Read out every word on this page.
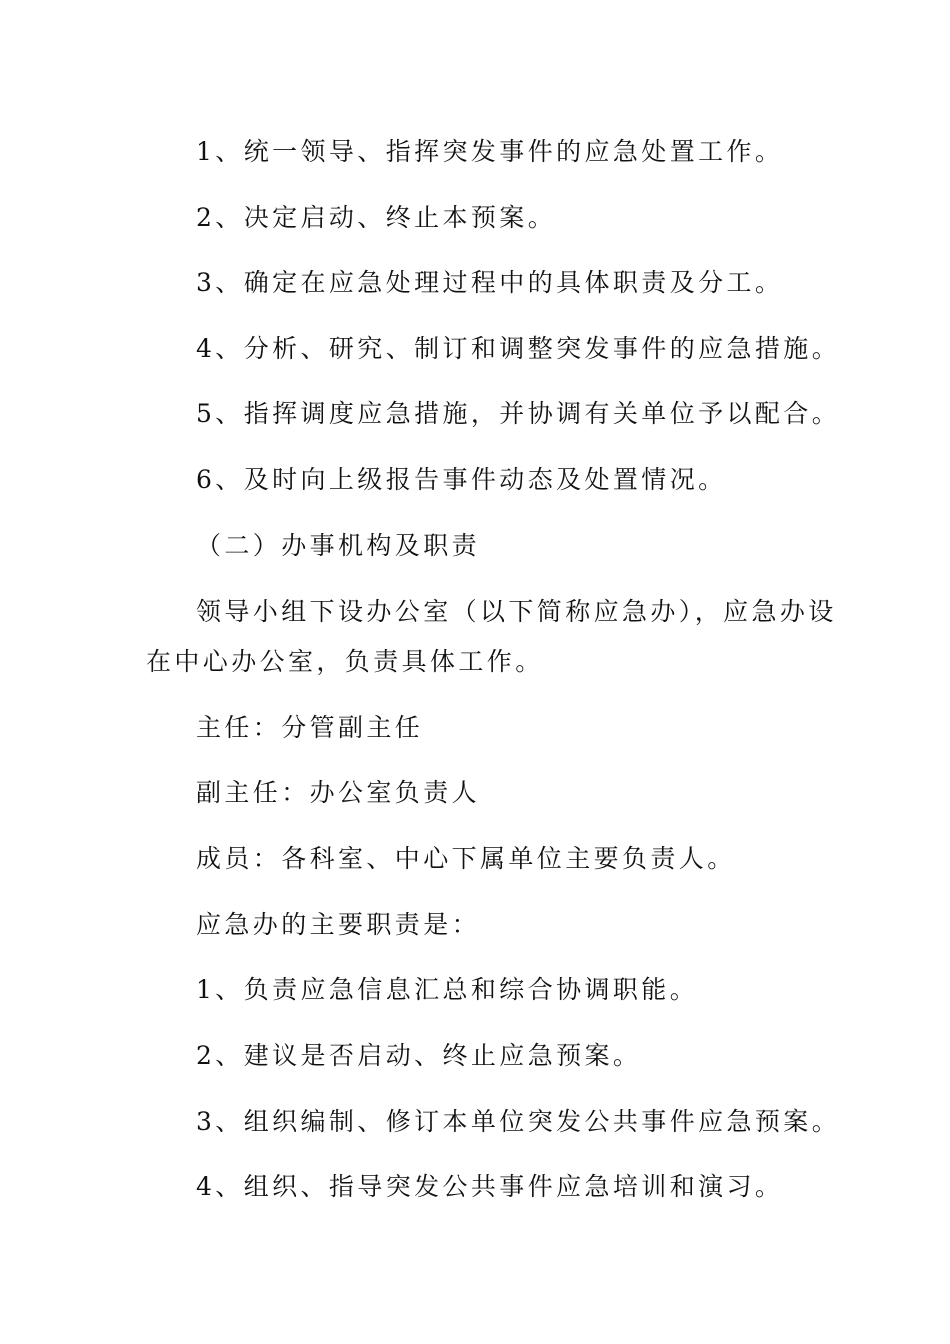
1、统一领导、指挥突发事件的应急处置工作。
2、决定启动、终止本预案。
3、确定在应急处理过程中的具体职责及分工。
4、分析、研究、制订和调整突发事件的应急措施。
5、指挥调度应急措施，并协调有关单位予以配合。
6、及时向上级报告事件动态及处置情况。
（二）办事机构及职责
领导小组下设办公室（以下简称应急办），应急办设
在中心办公室，负责具体工作。
主任：分管副主任
副主任：办公室负责人
成员：各科室、中心下属单位主要负责人。
应急办的主要职责是：
1、负责应急信息汇总和综合协调职能。
2、建议是否启动、终止应急预案。
3、组织编制、修订本单位突发公共事件应急预案。
4、组织、指导突发公共事件应急培训和演习。
